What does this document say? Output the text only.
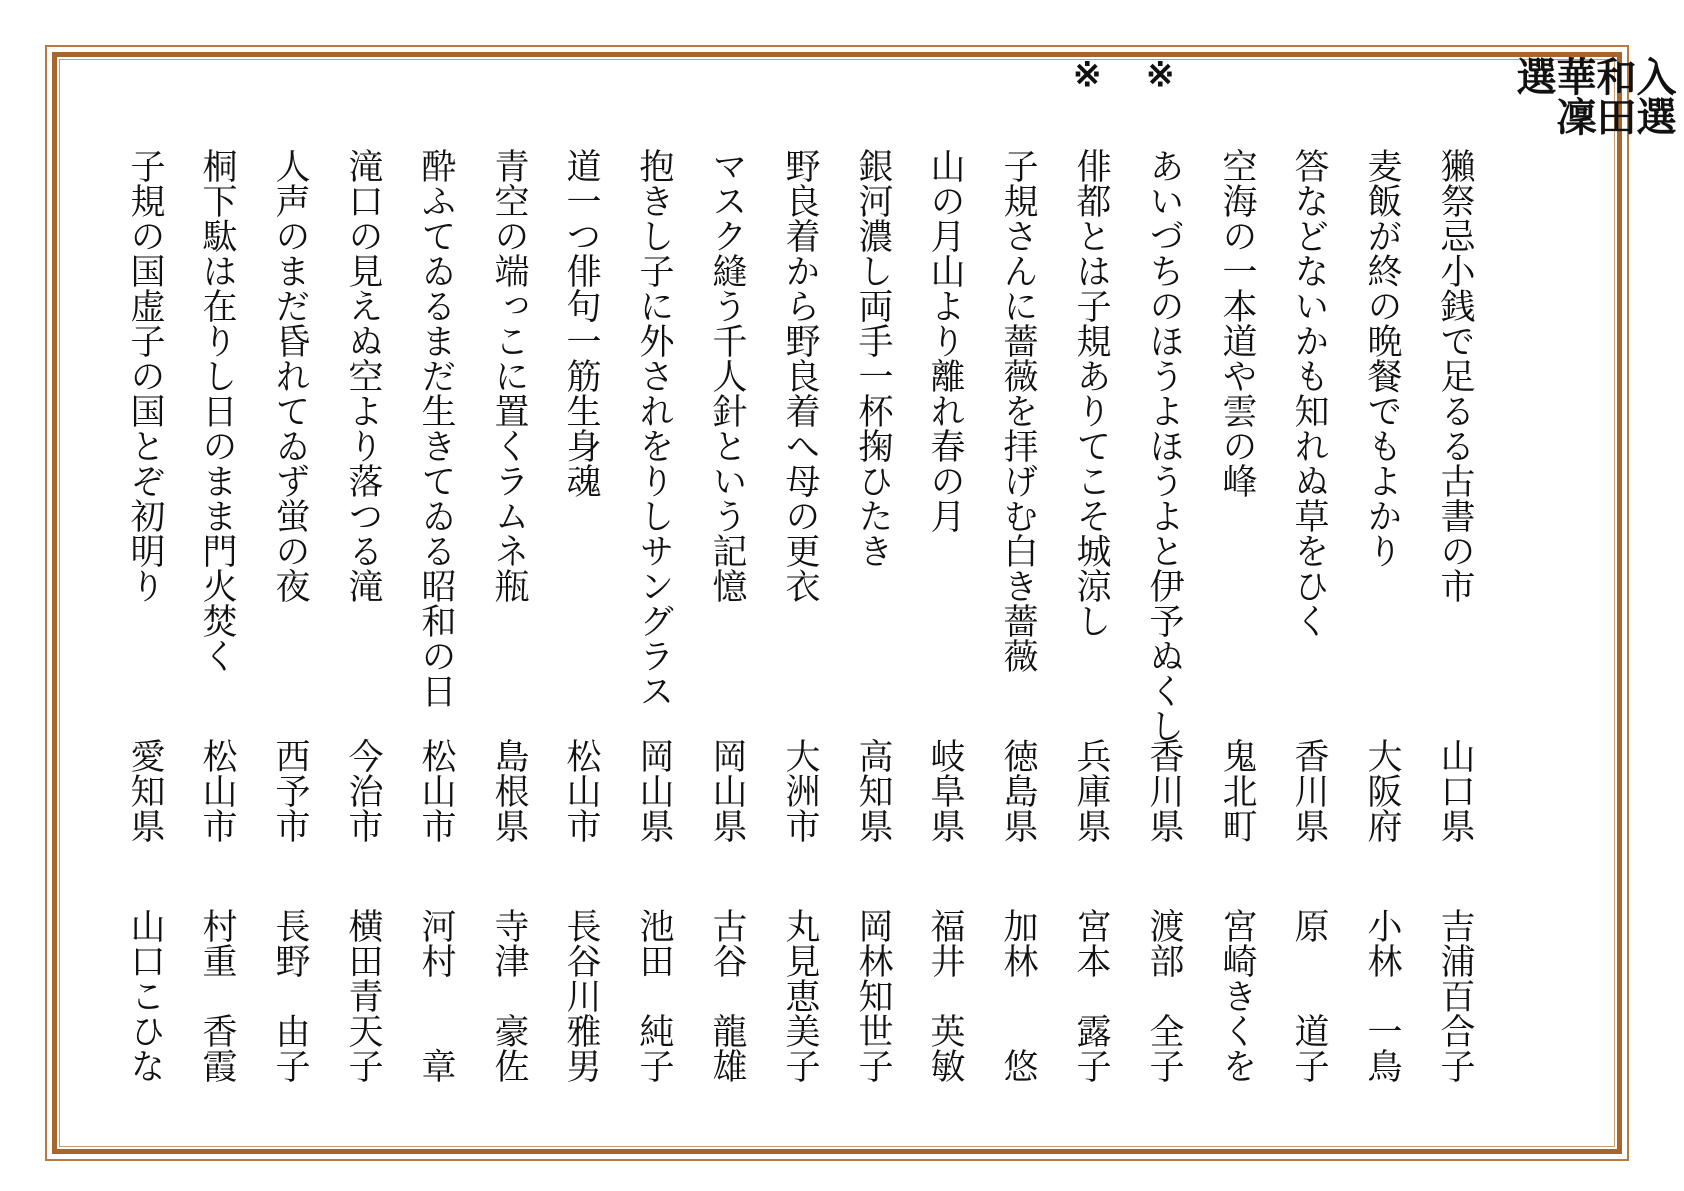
入選
和田
華凜
選
獺祭忌小銭で足るる古書の市
山口県
吉浦百合子
麦飯が終の晩餐でもよかり
大阪府
小林　一鳥
答などないかも知れぬ草をひく
香川県
原　　道子
空海の一本道や雲の峰
鬼北町
宮崎きくを
※
あいづちのほうよほうよと伊予ぬくし
香川県
渡部　全子
※
俳都とは子規ありてこそ城涼し
兵庫県
宮本　露子
子規さんに薔薇を拝げむ白き薔薇
徳島県
加林　　悠
山の月山より離れ春の月
岐阜県
福井　英敏
銀河濃し両手一杯掬ひたき
高知県
岡林知世子
野良着から野良着へ母の更衣
大洲市
丸見恵美子
マスク縫う千人針という記憶
岡山県
古谷　龍雄
抱きし子に外されをりしサングラス
岡山県
池田　純子
道一つ俳句一筋生身魂
松山市
長谷川雅男
青空の端っこに置くラムネ瓶
島根県
寺津　豪佐
酔ふてゐるまだ生きてゐる昭和の日
松山市
河村　　章
滝口の見えぬ空より落つる滝
今治市
横田青天子
人声のまだ昏れてゐず蛍の夜
西予市
長野　由子
桐下駄は在りし日のまま門火焚く
松山市
村重　香霞
子規の国虚子の国とぞ初明り
愛知県
山口こひな
